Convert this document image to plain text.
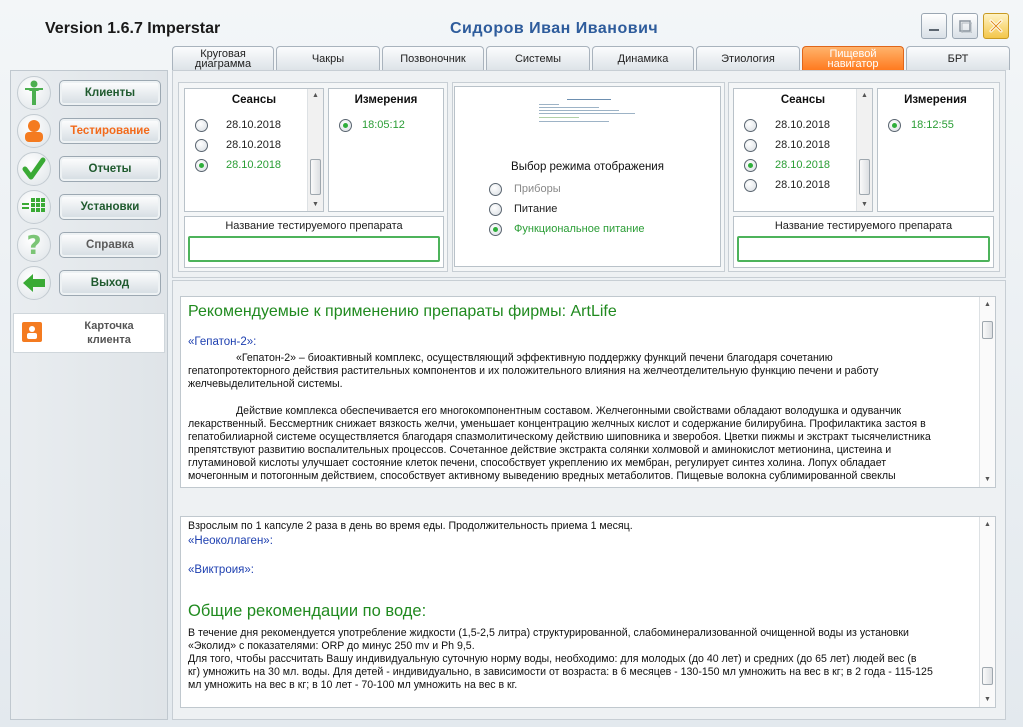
Version 1.6.7 Imperstar	Сидоров Иван Иванович
Круговая диаграмма	Чакры	Позвоночник	Системы	Динамика	Этиология	Пищевой навигатор	БРТ
Клиенты
Тестирование
Отчеты
Установки
?	Справка
Выход
Карточка
клиента
Сеансы
28.10.2018
28.10.2018
28.10.2018
▲
▼
Измерения
18:05:12
Название тестируемого препарата
Выбор режима отображения
Приборы
Питание
Функциональное питание
Сеансы
28.10.2018
28.10.2018
28.10.2018
28.10.2018
▲
▼
Измерения
18:12:55
Название тестируемого препарата
Рекомендуемые к применению препараты фирмы: ArtLife
«Гепатон-2»:
«Гепатон-2» – биоактивный комплекс, осуществляющий эффективную поддержку функций печени благодаря сочетанию
гепатопротекторного действия растительных компонентов и их положительного влияния на желчеотделительную функцию печени и работу
желчевыделительной системы.
Действие комплекса обеспечивается его многокомпонентным составом. Желчегонными свойствами обладают володушка и одуванчик
лекарственный. Бессмертник снижает вязкость желчи, уменьшает концентрацию желчных кислот и содержание билирубина. Профилактика застоя в
гепатобилиарной системе осуществляется благодаря спазмолитическому действию шиповника и зверобоя. Цветки пижмы и экстракт тысячелистника
препятствуют развитию воспалительных процессов. Сочетанное действие экстракта солянки холмовой и аминокислот метионина, цистеина и
глутаминовой кислоты улучшает состояние клеток печени, способствует укреплению их мембран, регулирует синтез холина. Лопух обладает
мочегонным и потогонным действием, способствует активному выведению вредных метаболитов. Пищевые волокна сублимированной свеклы
▲
▼
Взрослым по 1 капсуле 2 раза в день во время еды. Продолжительность приема 1 месяц.
«Неоколлаген»:
«Виктроия»:
Общие рекомендации по воде:
В течение дня рекомендуется употребление жидкости (1,5-2,5 литра) структурированной, слабоминерализованной очищенной воды из установки
«Эколид» с показателями: ORP до минус 250 mv и Ph 9,5.
Для того, чтобы рассчитать Вашу индивидуальную суточную норму воды, необходимо: для молодых (до 40 лет) и средних (до 65 лет) людей вес (в
кг) умножить на 30 мл. воды. Для детей - индивидуально, в зависимости от возраста: в 6 месяцев - 130-150 мл умножить на вес в кг; в 2 года - 115-125
мл умножить на вес в кг; в 10 лет - 70-100 мл умножить на вес в кг.
▲
▼
